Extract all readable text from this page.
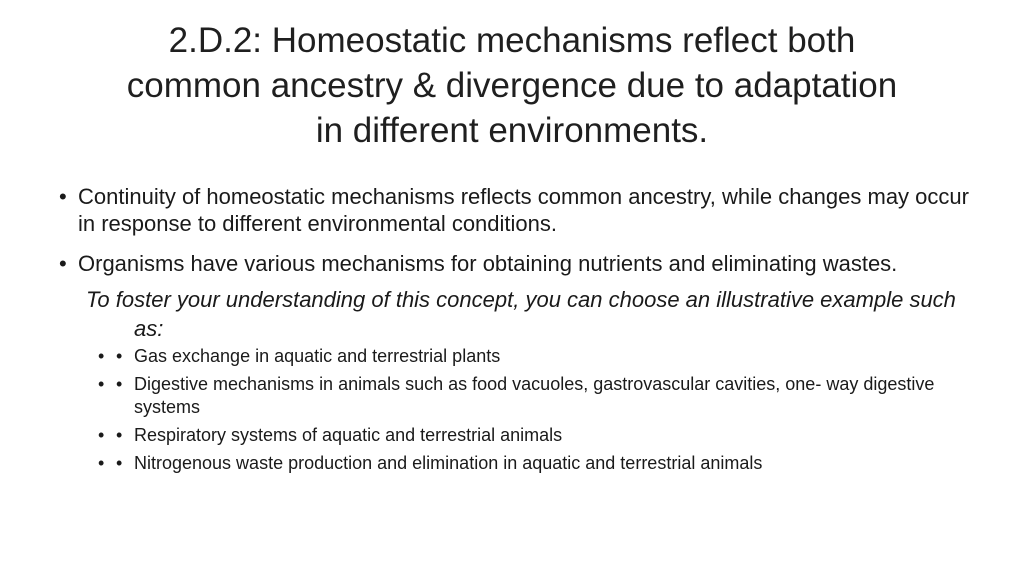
2.D.2: Homeostatic mechanisms reflect both
common ancestry & divergence due to adaptation
in different environments.
• Continuity of homeostatic mechanisms reflects common ancestry, while changes may occur in response to different environmental conditions.
• Organisms have various mechanisms for obtaining nutrients and eliminating wastes.
To foster your understanding of this concept, you can choose an illustrative example such as:
• • Gas exchange in aquatic and terrestrial plants
• • Digestive mechanisms in animals such as food vacuoles, gastrovascular cavities, one- way digestive systems
• • Respiratory systems of aquatic and terrestrial animals
• • Nitrogenous waste production and elimination in aquatic and terrestrial animals
